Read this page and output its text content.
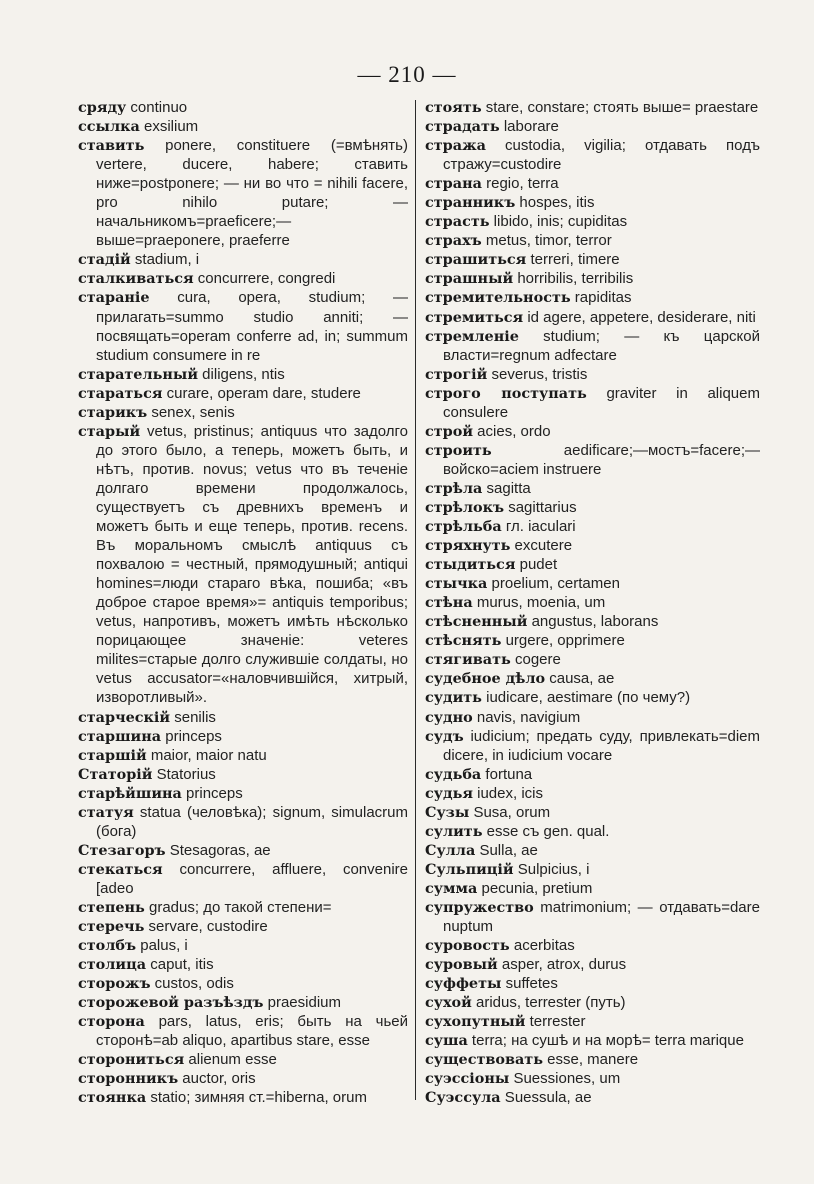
— 210 —

сряду continuo

ссылка exsilium

ставить ponere, constituere (=вмѣнять) vertere, ducere, habere; ставить ниже=postponere; — ни во что = nihili facere, pro nihilo putare; — начальникомъ=praeficere;—выше=praeponere, praeferre

стадій stadium, i

сталкиваться concurrere, congredi

стараніе cura, opera, studium; — прилагать=summo studio anniti; — посвящать=operam conferre ad, in; summum studium consumere in re

старательный diligens, ntis

стараться curare, operam dare, studere

старикъ senex, senis

старый vetus, pristinus; antiquus что задолго до этого было, а теперь, можетъ быть, и нѣтъ, против. novus; vetus что въ теченіе долгаго времени продолжалось, существуетъ съ древнихъ временъ и можетъ быть и еще теперь, против. recens. Въ моральномъ смыслѣ antiquus съ похвалою = честный, прямодушный; antiqui homines=люди стараго вѣка, пошиба; «въ доброе старое время»= antiquis temporibus; vetus, напротивъ, можетъ имѣть нѣсколько порицающее значеніе: veteres milites=старые долго служившіе солдаты, но vetus accusator=«наловчившійся, хитрый, изворотливый».

старческій senilis

старшина princeps

старшій maior, maior natu

Статорій Statorius

старѣйшина princeps

статуя statua (человѣка); signum, simulacrum (бога)

Стезагоръ Stesagoras, ae

стекаться concurrere, affluere, convenire [adeo

степень gradus; до такой степени=

стеречь servare, custodire

столбъ palus, i

столица caput, itis

сторожъ custos, odis

сторожевой разъѣздъ praesidium

сторона pars, latus, eris; быть на чьей сторонѣ=ab aliquo, apartibus stare, esse

сторониться alienum esse

сторонникъ auctor, oris

стоянка statio; зимняя ст.=hiberna, orum

стоять stare, constare; стоять выше= praestare

страдать laborare

стража custodia, vigilia; отдавать подъ стражу=custodire

страна regio, terra

странникъ hospes, itis

страсть libido, inis; cupiditas

страхъ metus, timor, terror

страшиться terreri, timere

страшный horribilis, terribilis

стремительность rapiditas

стремиться id agere, appetere, desiderare, niti

стремленіе studium; — къ царской власти=regnum adfectare

строгій severus, tristis

строго поступать graviter in aliquem consulere

строй acies, ordo

строить aedificare;—мостъ=facere;— войско=aciem instruere

стрѣла sagitta

стрѣлокъ sagittarius

стрѣльба гл. iaculari

стряхнуть excutere

стыдиться pudet

стычка proelium, certamen

стѣна murus, moenia, um

стѣсненный angustus, laborans

стѣснять urgere, opprimere

стягивать cogere

судебное дѣло causa, ae

судить iudicare, aestimare (по чему?)

судно navis, navigium

судъ iudicium; предать суду, привлекать=diem dicere, in iudicium vocare

судьба fortuna

судья iudex, icis

Сузы Susa, orum

сулить esse съ gen. qual.

Сулла Sulla, ae

Сульпицій Sulpicius, i

сумма pecunia, pretium

супружество matrimonium; — отдавать=dare nuptum

суровость acerbitas

суровый asper, atrox, durus

суффеты suffetes

сухой aridus, terrester (путь)

сухопутный terrester

суша terra; на сушѣ и на морѣ= terra marique

существовать esse, manere

суэссіоны Suessiones, um

Суэссула Suessula, ae
